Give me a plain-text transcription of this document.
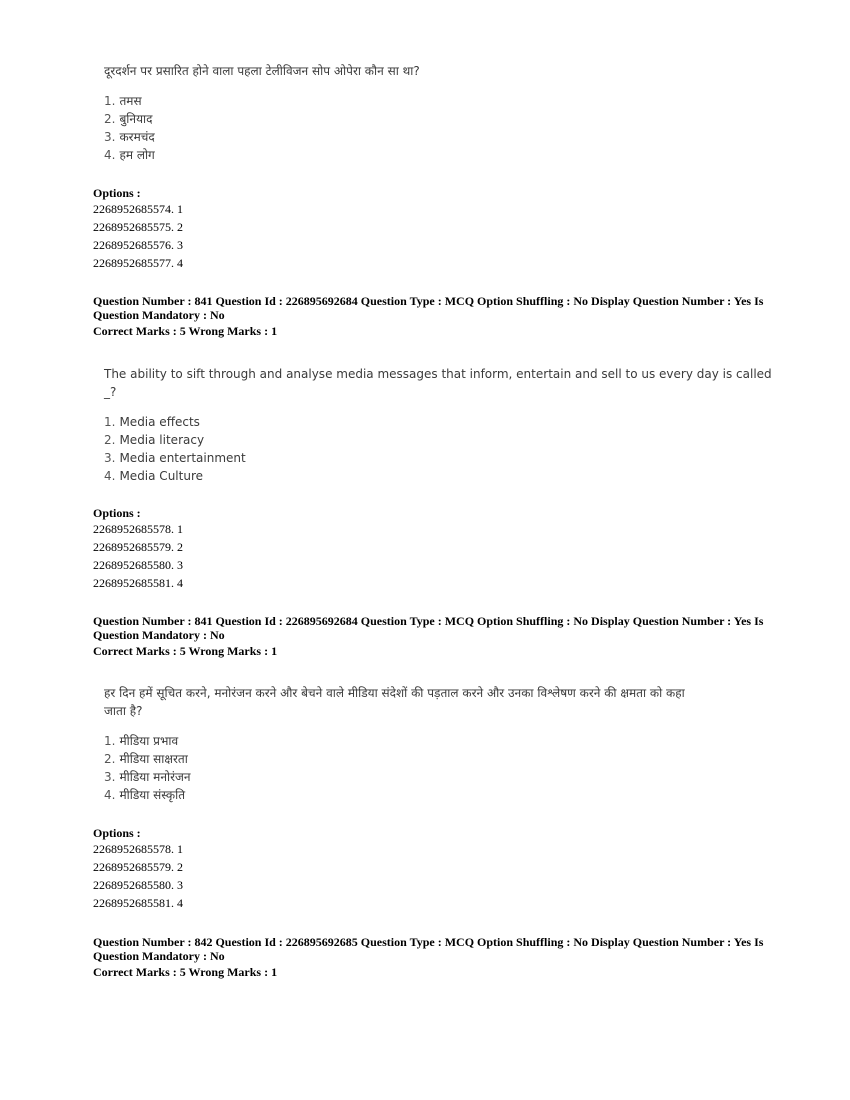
दूरदर्शन पर प्रसारित होने वाला पहला टेलीविजन सोप ओपेरा कौन सा था?
1. तमस
2. बुनियाद
3. करमचंद
4. हम लोग
Options :
2268952685574. 1
2268952685575. 2
2268952685576. 3
2268952685577. 4
Question Number : 841 Question Id : 226895692684 Question Type : MCQ Option Shuffling : No Display Question Number : Yes Is Question Mandatory : No
Correct Marks : 5 Wrong Marks : 1
The ability to sift through and analyse media messages that inform, entertain and sell to us every day is called
_?
1. Media effects
2. Media literacy
3. Media entertainment
4. Media Culture
Options :
2268952685578. 1
2268952685579. 2
2268952685580. 3
2268952685581. 4
Question Number : 841 Question Id : 226895692684 Question Type : MCQ Option Shuffling : No Display Question Number : Yes Is Question Mandatory : No
Correct Marks : 5 Wrong Marks : 1
हर दिन हमें सूचित करने, मनोरंजन करने और बेचने वाले मीडिया संदेशों की पड़ताल करने और उनका विश्लेषण करने की क्षमता को कहा
जाता है?
1. मीडिया प्रभाव
2. मीडिया साक्षरता
3. मीडिया मनोरंजन
4. मीडिया संस्कृति
Options :
2268952685578. 1
2268952685579. 2
2268952685580. 3
2268952685581. 4
Question Number : 842 Question Id : 226895692685 Question Type : MCQ Option Shuffling : No Display Question Number : Yes Is Question Mandatory : No
Correct Marks : 5 Wrong Marks : 1
